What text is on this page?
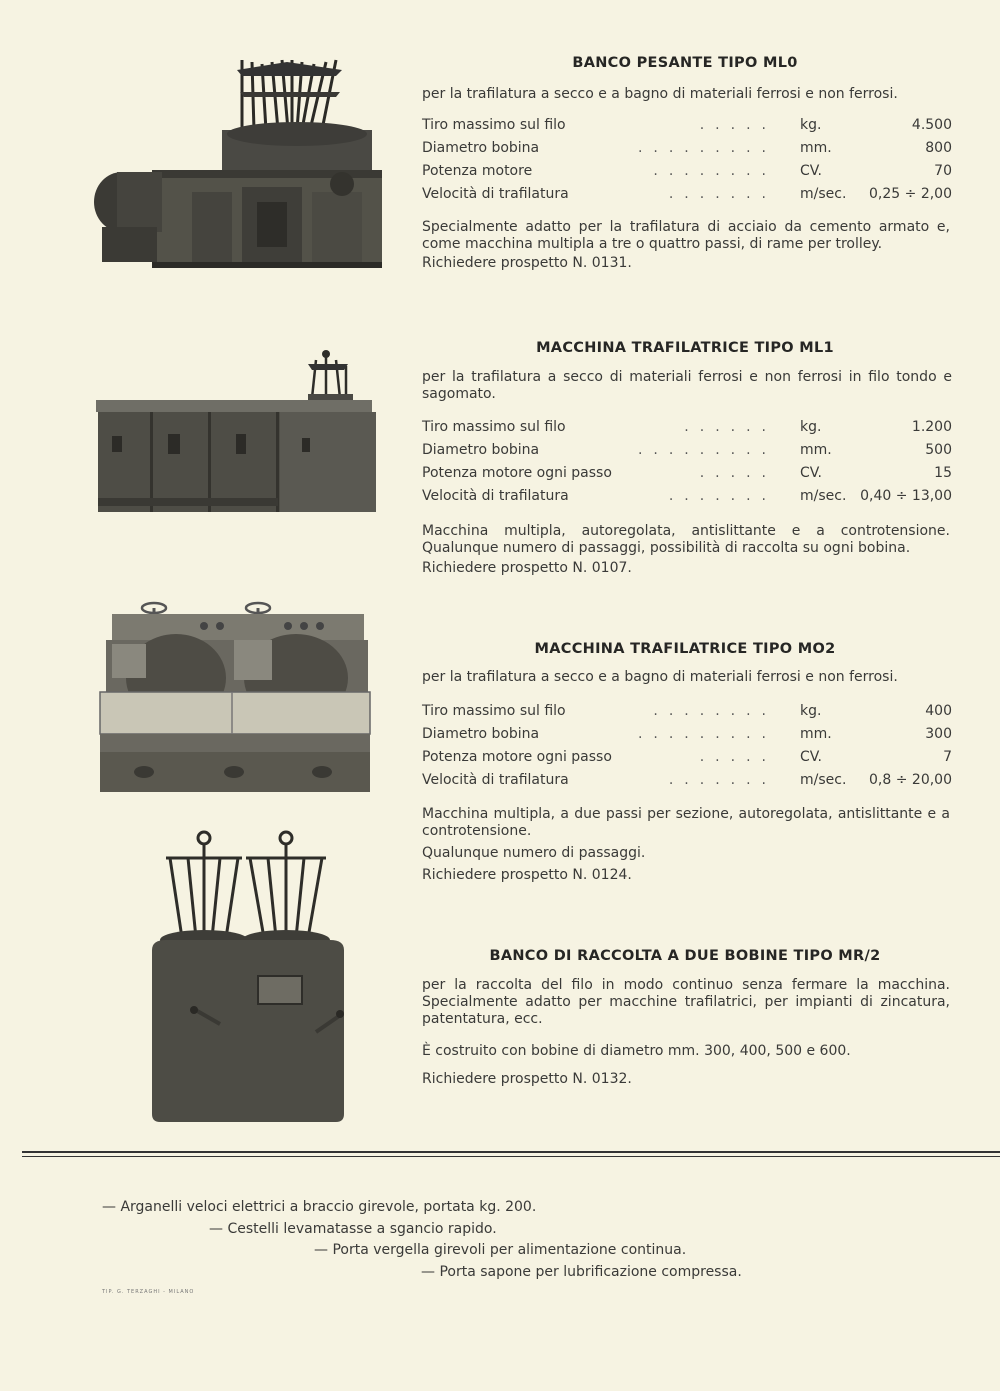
BANCO PESANTE TIPO ML0
per la trafilatura a secco e a bagno di materiali ferrosi e non ferrosi.
Tiro massimo sul filo	..... kg.	4.500
Diametro bobina	......... mm.	800
Potenza motore	........ CV.	70
Velocità di trafilatura	....... m/sec. 0,25 ÷ 2,00

Specialmente adatto per la trafilatura di acciaio da cemento armato e, come macchina multipla a tre o quattro passi, di rame per trolley.

Richiedere prospetto N. 0131.

MACCHINA TRAFILATRICE TIPO ML1
per la trafilatura a secco di materiali ferrosi e non ferrosi in filo tondo e sagomato.
Tiro massimo sul filo	...... kg.	1.200
Diametro bobina	......... mm.	500
Potenza motore ogni passo	..... CV.	15
Velocità di trafilatura	....... m/sec. 0,40 ÷ 13,00

Macchina multipla, autoregolata, antislittante e a controtensione. Qualunque numero di passaggi, possibilità di raccolta su ogni bobina.

Richiedere prospetto N. 0107.

MACCHINA TRAFILATRICE TIPO MO2
per la trafilatura a secco e a bagno di materiali ferrosi e non ferrosi.
Tiro massimo sul filo	........ kg.	400
Diametro bobina	......... mm.	300
Potenza motore ogni passo	..... CV.	7
Velocità di trafilatura	....... m/sec. 0,8 ÷ 20,00

Macchina multipla, a due passi per sezione, autoregolata, antislittante e a controtensione.

Qualunque numero di passaggi.

Richiedere prospetto N. 0124.

BANCO DI RACCOLTA A DUE BOBINE TIPO MR/2

per la raccolta del filo in modo continuo senza fermare la macchina. Specialmente adatto per macchine trafilatrici, per impianti di zincatura, patentatura, ecc.

È costruito con bobine di diametro mm. 300, 400, 500 e 600.

Richiedere prospetto N. 0132.

— Arganelli veloci elettrici a braccio girevole, portata kg. 200.
— Cestelli levamatasse a sgancio rapido.
— Porta vergella girevoli per alimentazione continua.
— Porta sapone per lubrificazione compressa.
TIP. G. TERZAGHI - MILANO
